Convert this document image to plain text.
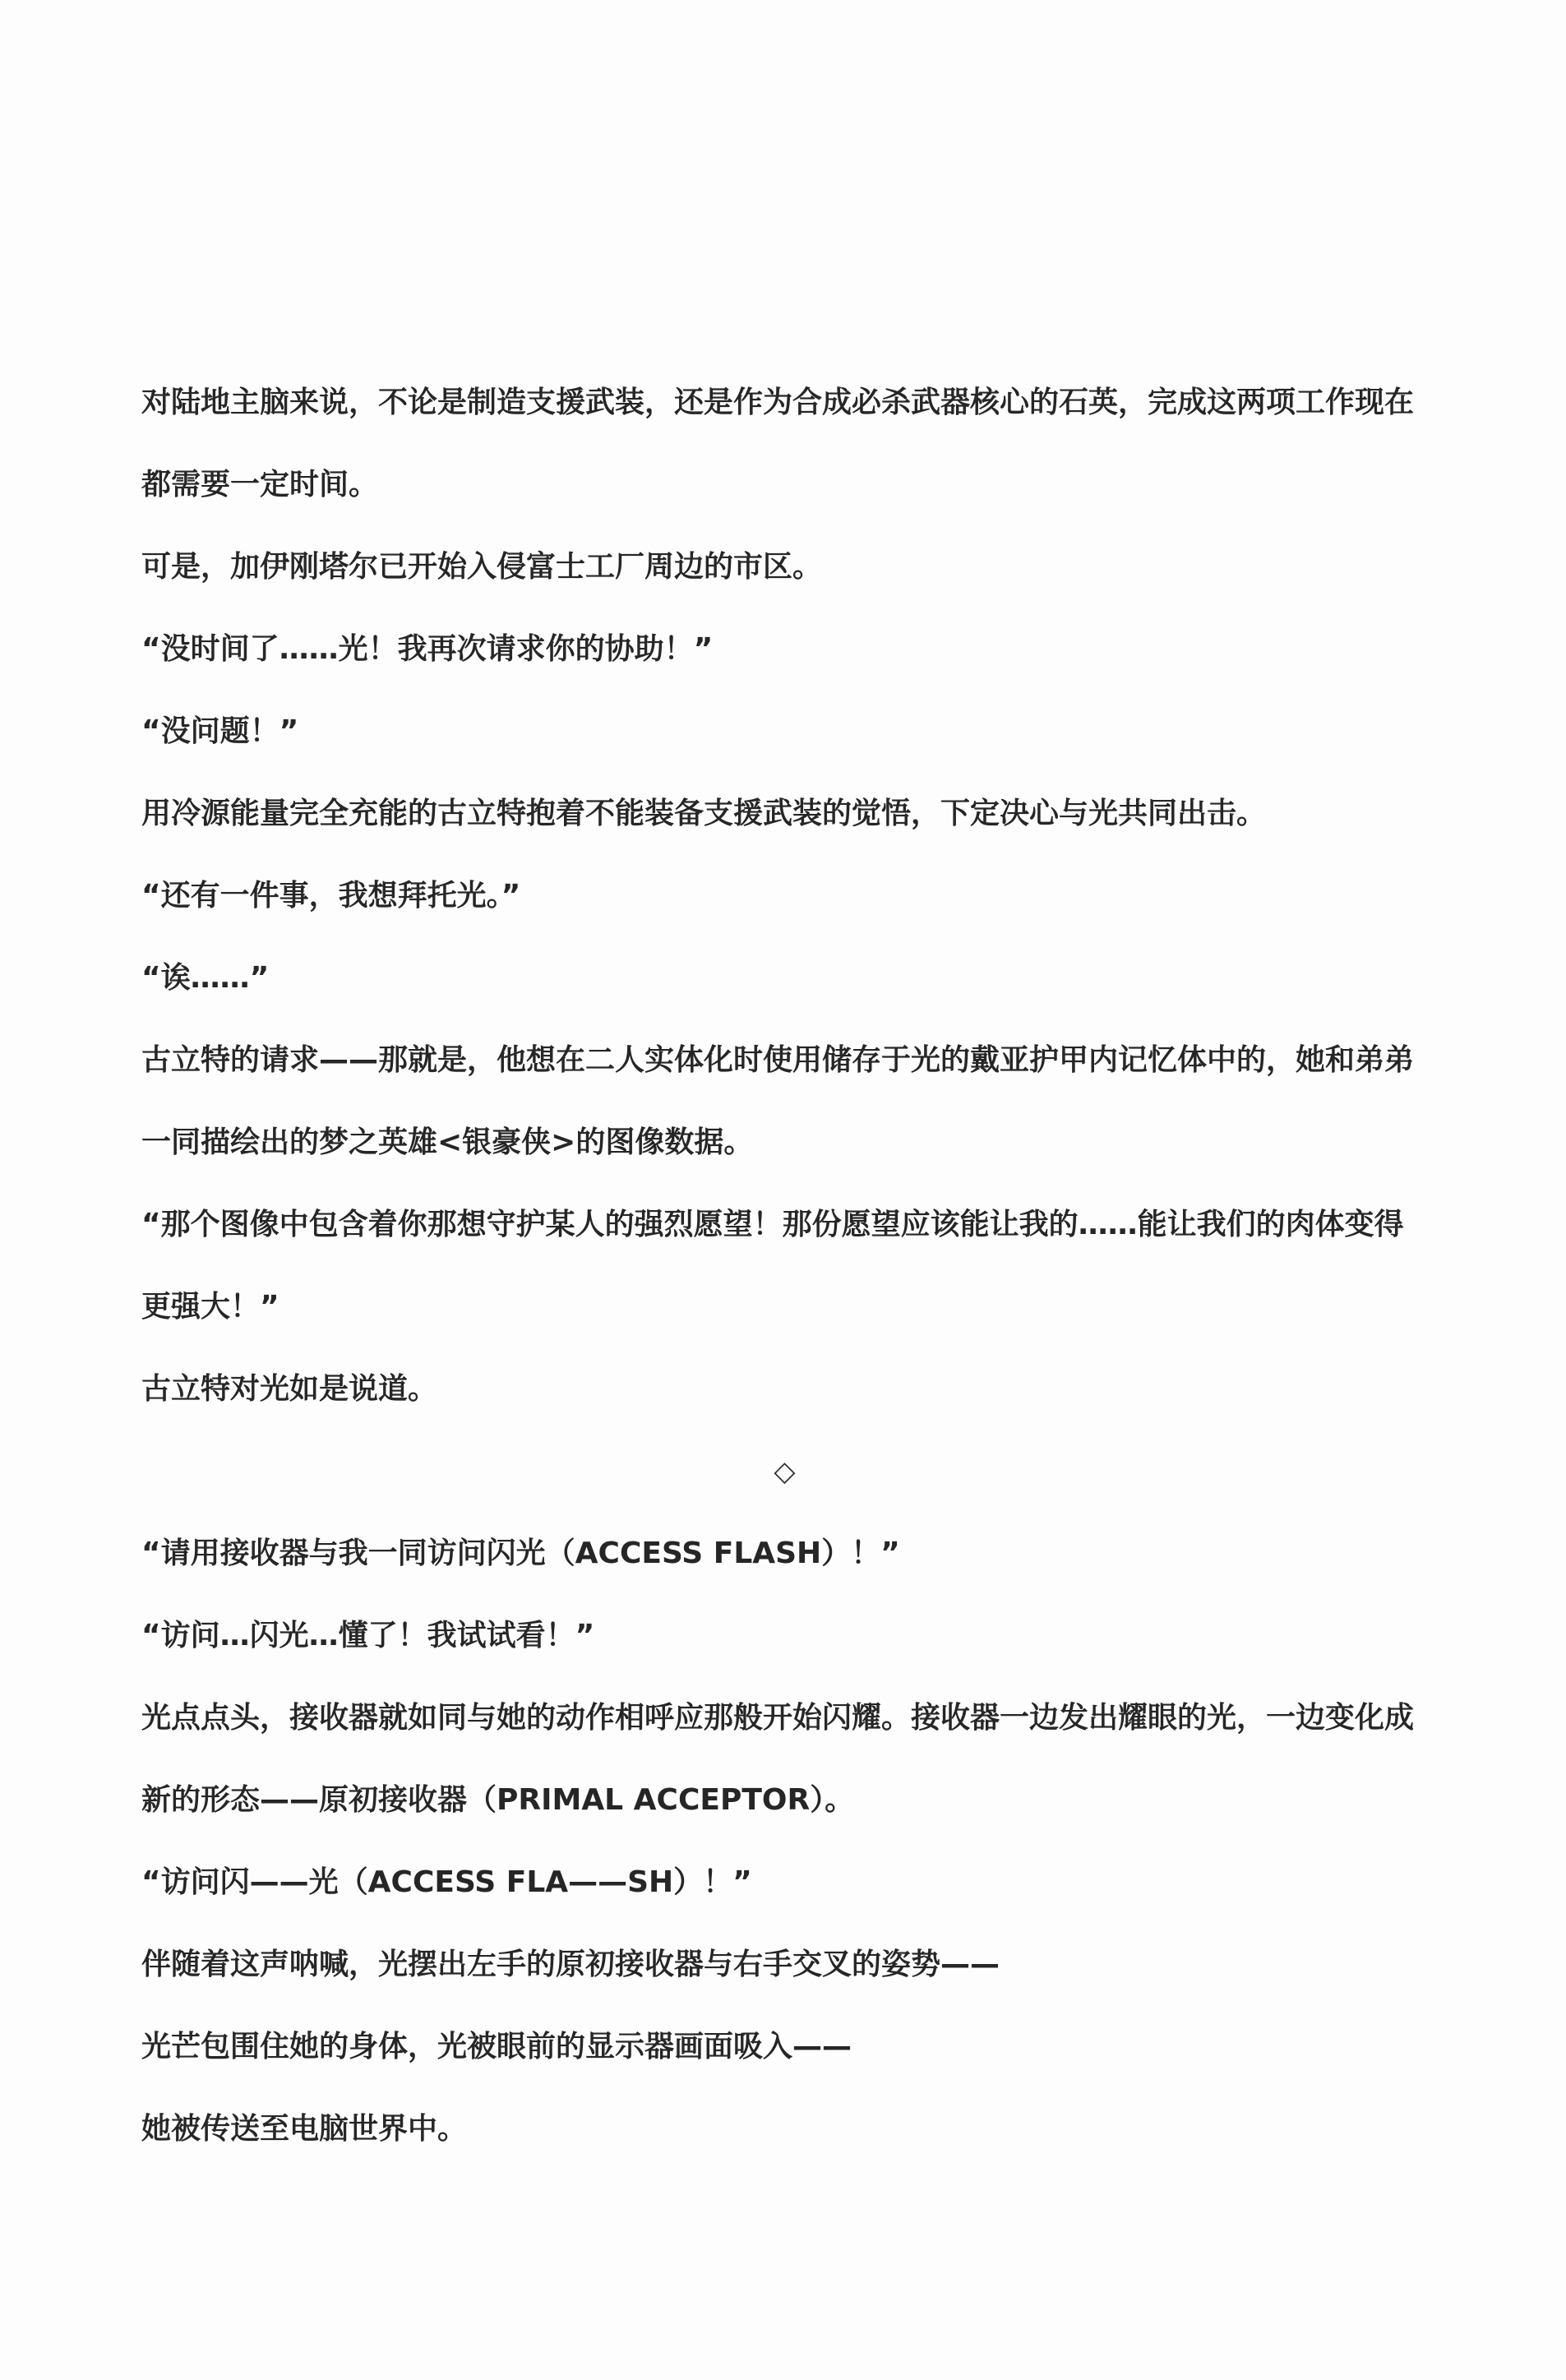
对陆地主脑来说，不论是制造支援武装，还是作为合成必杀武器核心的石英，完成这两项工作现在都需要一定时间。

可是，加伊刚塔尔已开始入侵富士工厂周边的市区。

“没时间了……光！我再次请求你的协助！”

“没问题！”

用冷源能量完全充能的古立特抱着不能装备支援武装的觉悟，下定决心与光共同出击。

“还有一件事，我想拜托光。”

“诶……”

古立特的请求——那就是，他想在二人实体化时使用储存于光的戴亚护甲内记忆体中的，她和弟弟一同描绘出的梦之英雄<银豪侠>的图像数据。

“那个图像中包含着你那想守护某人的强烈愿望！那份愿望应该能让我的……能让我们的肉体变得更强大！”

古立特对光如是说道。

◇

“请用接收器与我一同访问闪光（ACCESS FLASH）！”

“访问…闪光…懂了！我试试看！”

光点点头，接收器就如同与她的动作相呼应那般开始闪耀。接收器一边发出耀眼的光，一边变化成新的形态——原初接收器（PRIMAL ACCEPTOR）。

“访问闪——光（ACCESS FLA——SH）！”

伴随着这声呐喊，光摆出左手的原初接收器与右手交叉的姿势——

光芒包围住她的身体，光被眼前的显示器画面吸入——

她被传送至电脑世界中。
